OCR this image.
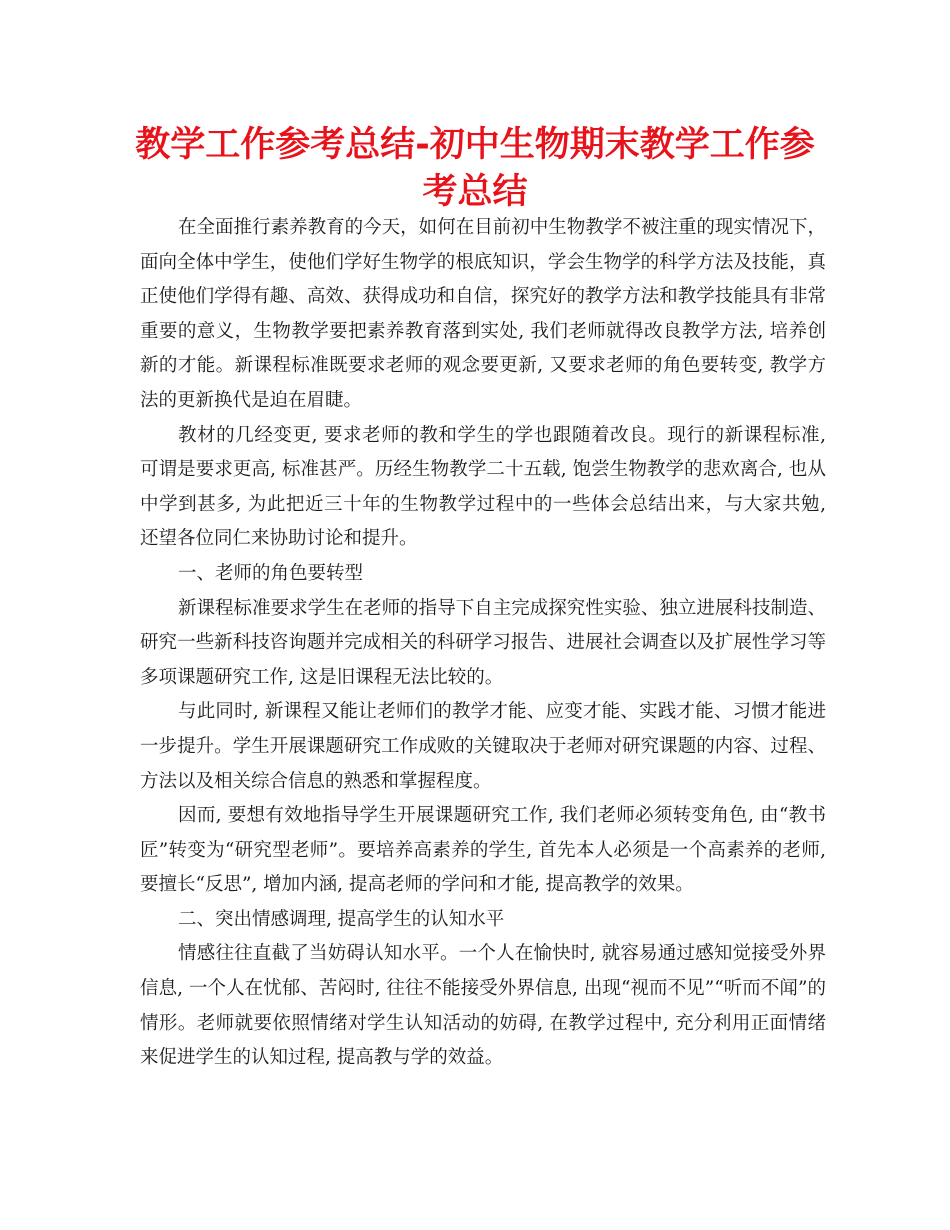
教学工作参考总结-初中生物期末教学工作参考总结

在全面推行素养教育的今天，如何在目前初中生物教学不被注重的现实情况下，面向全体中学生，使他们学好生物学的根底知识，学会生物学的科学方法及技能，真正使他们学得有趣、高效、获得成功和自信，探究好的教学方法和教学技能具有非常重要的意义，生物教学要把素养教育落到实处, 我们老师就得改良教学方法, 培养创新的才能。新课程标准既要求老师的观念要更新, 又要求老师的角色要转变, 教学方法的更新换代是迫在眉睫。

教材的几经变更, 要求老师的教和学生的学也跟随着改良。现行的新课程标准, 可谓是要求更高, 标准甚严。历经生物教学二十五载, 饱尝生物教学的悲欢离合, 也从中学到甚多, 为此把近三十年的生物教学过程中的一些体会总结出来，与大家共勉, 还望各位同仁来协助讨论和提升。

一、老师的角色要转型

新课程标准要求学生在老师的指导下自主完成探究性实验、独立进展科技制造、研究一些新科技咨询题并完成相关的科研学习报告、进展社会调查以及扩展性学习等多项课题研究工作, 这是旧课程无法比较的。

与此同时, 新课程又能让老师们的教学才能、应变才能、实践才能、习惯才能进一步提升。学生开展课题研究工作成败的关键取决于老师对研究课题的内容、过程、方法以及相关综合信息的熟悉和掌握程度。

因而, 要想有效地指导学生开展课题研究工作, 我们老师必须转变角色, 由“教书匠”转变为“研究型老师”。要培养高素养的学生, 首先本人必须是一个高素养的老师, 要擅长“反思”, 增加内涵, 提高老师的学问和才能, 提高教学的效果。

二、突出情感调理, 提高学生的认知水平

情感往往直截了当妨碍认知水平。一个人在愉快时, 就容易通过感知觉接受外界信息, 一个人在忧郁、苦闷时, 往往不能接受外界信息, 出现“视而不见”“听而不闻”的情形。老师就要依照情绪对学生认知活动的妨碍, 在教学过程中, 充分利用正面情绪来促进学生的认知过程, 提高教与学的效益。
